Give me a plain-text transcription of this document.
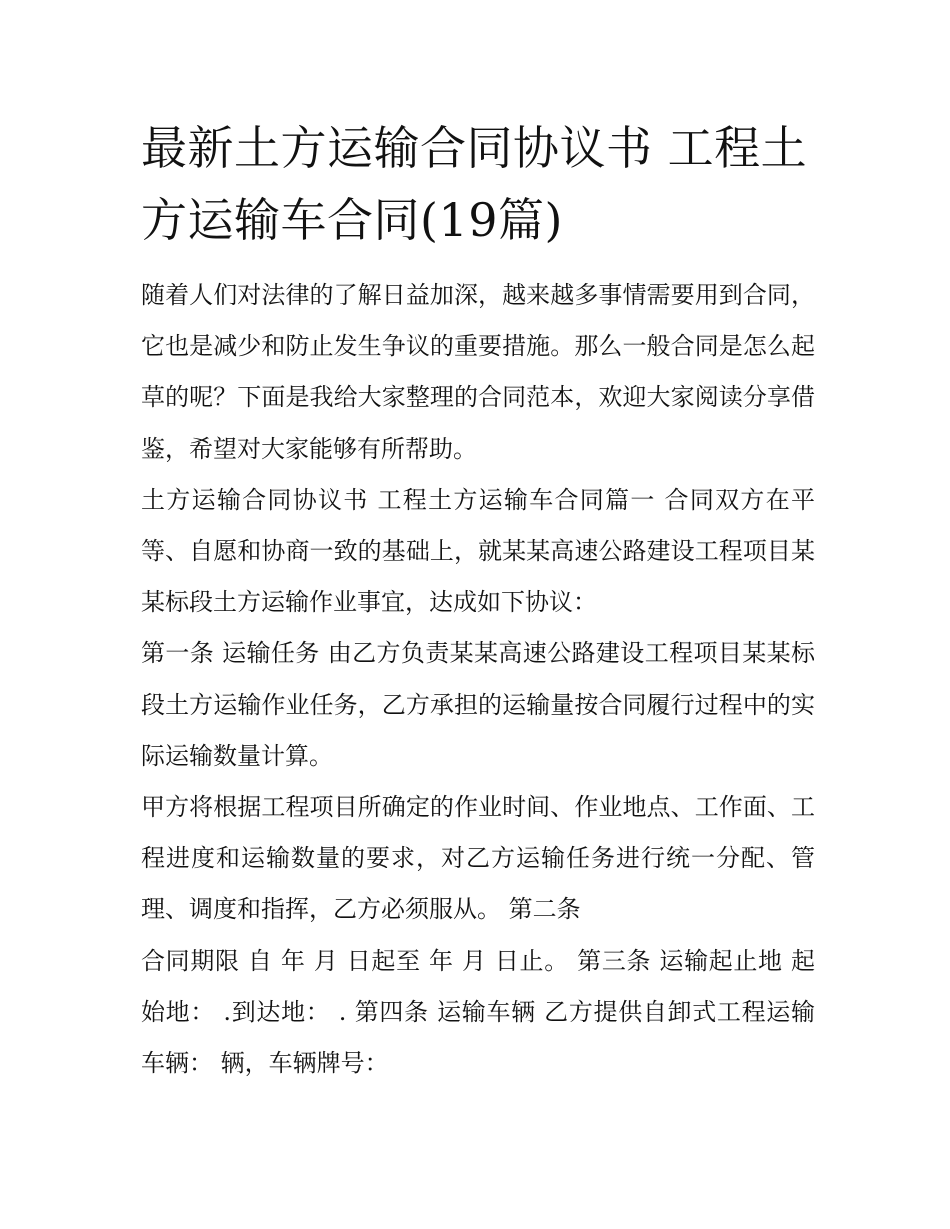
最新土方运输合同协议书 工程土方运输车合同(19篇)

随着人们对法律的了解日益加深，越来越多事情需要用到合同，它也是减少和防止发生争议的重要措施。那么一般合同是怎么起草的呢？下面是我给大家整理的合同范本，欢迎大家阅读分享借鉴，希望对大家能够有所帮助。

土方运输合同协议书 工程土方运输车合同篇一 合同双方在平等、自愿和协商一致的基础上，就某某高速公路建设工程项目某某标段土方运输作业事宜，达成如下协议：

第一条 运输任务 由乙方负责某某高速公路建设工程项目某某标段土方运输作业任务，乙方承担的运输量按合同履行过程中的实际运输数量计算。

甲方将根据工程项目所确定的作业时间、作业地点、工作面、工程进度和运输数量的要求，对乙方运输任务进行统一分配、管理、调度和指挥，乙方必须服从。 第二条

合同期限 自 年 月 日起至 年 月 日止。 第三条 运输起止地 起始地： .到达地： . 第四条 运输车辆 乙方提供自卸式工程运输车辆： 辆，车辆牌号：
